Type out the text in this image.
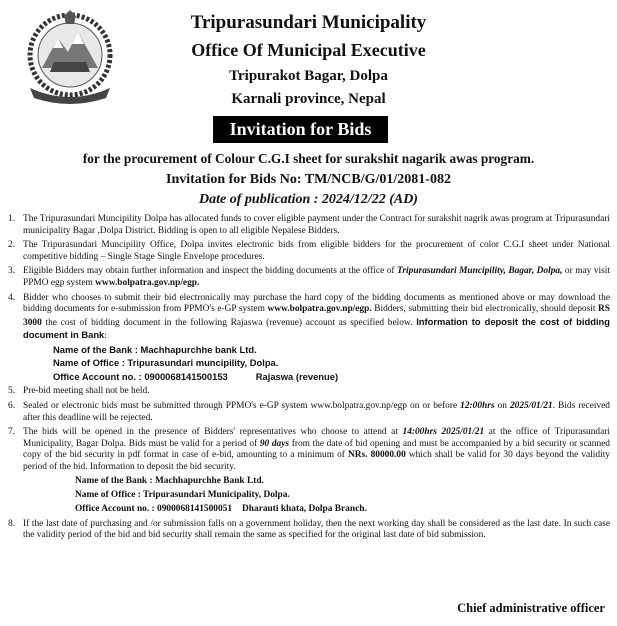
Tripurasundari Municipality
Office Of Municipal Executive
Tripurakot Bagar, Dolpa
Karnali province, Nepal
Invitation for Bids
for the procurement of Colour C.G.I sheet for surakshit nagarik awas program.
Invitation for Bids No: TM/NCB/G/01/2081-082
Date of publication : 2024/12/22 (AD)
1. The Tripurasundari Muncipility Dolpa has allocated funds to cover eligible payment under the Contract for surakshit nagrik awas program at Tripurasundari municipality Bagar ,Dolpa District. Bidding is open to all eligible Nepalese Bidders.
2. The Tripurasundari Muncipility Office, Dolpa invites electronic bids from eligible bidders for the procurement of color C.G.I sheet under National competitive bidding – Single Stage Single Envelope procedures.
3. Eligible Bidders may obtain further information and inspect the bidding documents at the office of Tripurasundari Muncipility, Bagar, Dolpa, or may visit PPMO egp system www.bolpatra.gov.np/egp.
4. Bidder who chooses to submit their bid electronically may purchase the hard copy of the bidding documents as mentioned above or may download the bidding documents for e-submission from PPMO's e-GP system www.bolpatra.gov.np/egp. Bidders, submitting their bid electronically, should deposit RS 3000 the cost of bidding document in the following Rajaswa (revenue) account as specified below. Information to deposit the cost of bidding document in Bank:
Name of the Bank : Machhapurchhe bank Ltd.
Name of Office : Tripurasundari muncipility, Dolpa.
Office Account no. : 0900068141500153	Rajaswa (revenue)
5. Pre-bid meeting shall not be held.
6. Sealed or electronic bids must be submitted through PPMO's e-GP system www.bolpatra.gov.np/egp on or before 12:00hrs on 2025/01/21. Bids received after this deadline will be rejected.
7. The bids will be opened in the presence of Bidders' representatives who choose to attend at 14:00hrs 2025/01/21 at the office of Tripurasundari Municipality, Bagar Dolpa. Bids must be valid for a period of 90 days from the date of bid opening and must be accompanied by a bid security or scanned copy of the bid security in pdf format in case of e-bid, amounting to a minimum of NRs. 80000.00 which shall be valid for 30 days beyond the validity period of the bid. Information to deposit the bid security.
Name of the Bank : Machhapurchhe Bank Ltd.
Name of Office : Tripurasundari Municipality, Dolpa.
Office Account no. : 0900068141500051 Dharauti khata, Dolpa Branch.
8. If the last date of purchasing and /or submission falls on a government holiday, then the next working day shall be considered as the last date. In such case the validity period of the bid and bid security shall remain the same as specified for the original last date of bid submission.
Chief administrative officer
